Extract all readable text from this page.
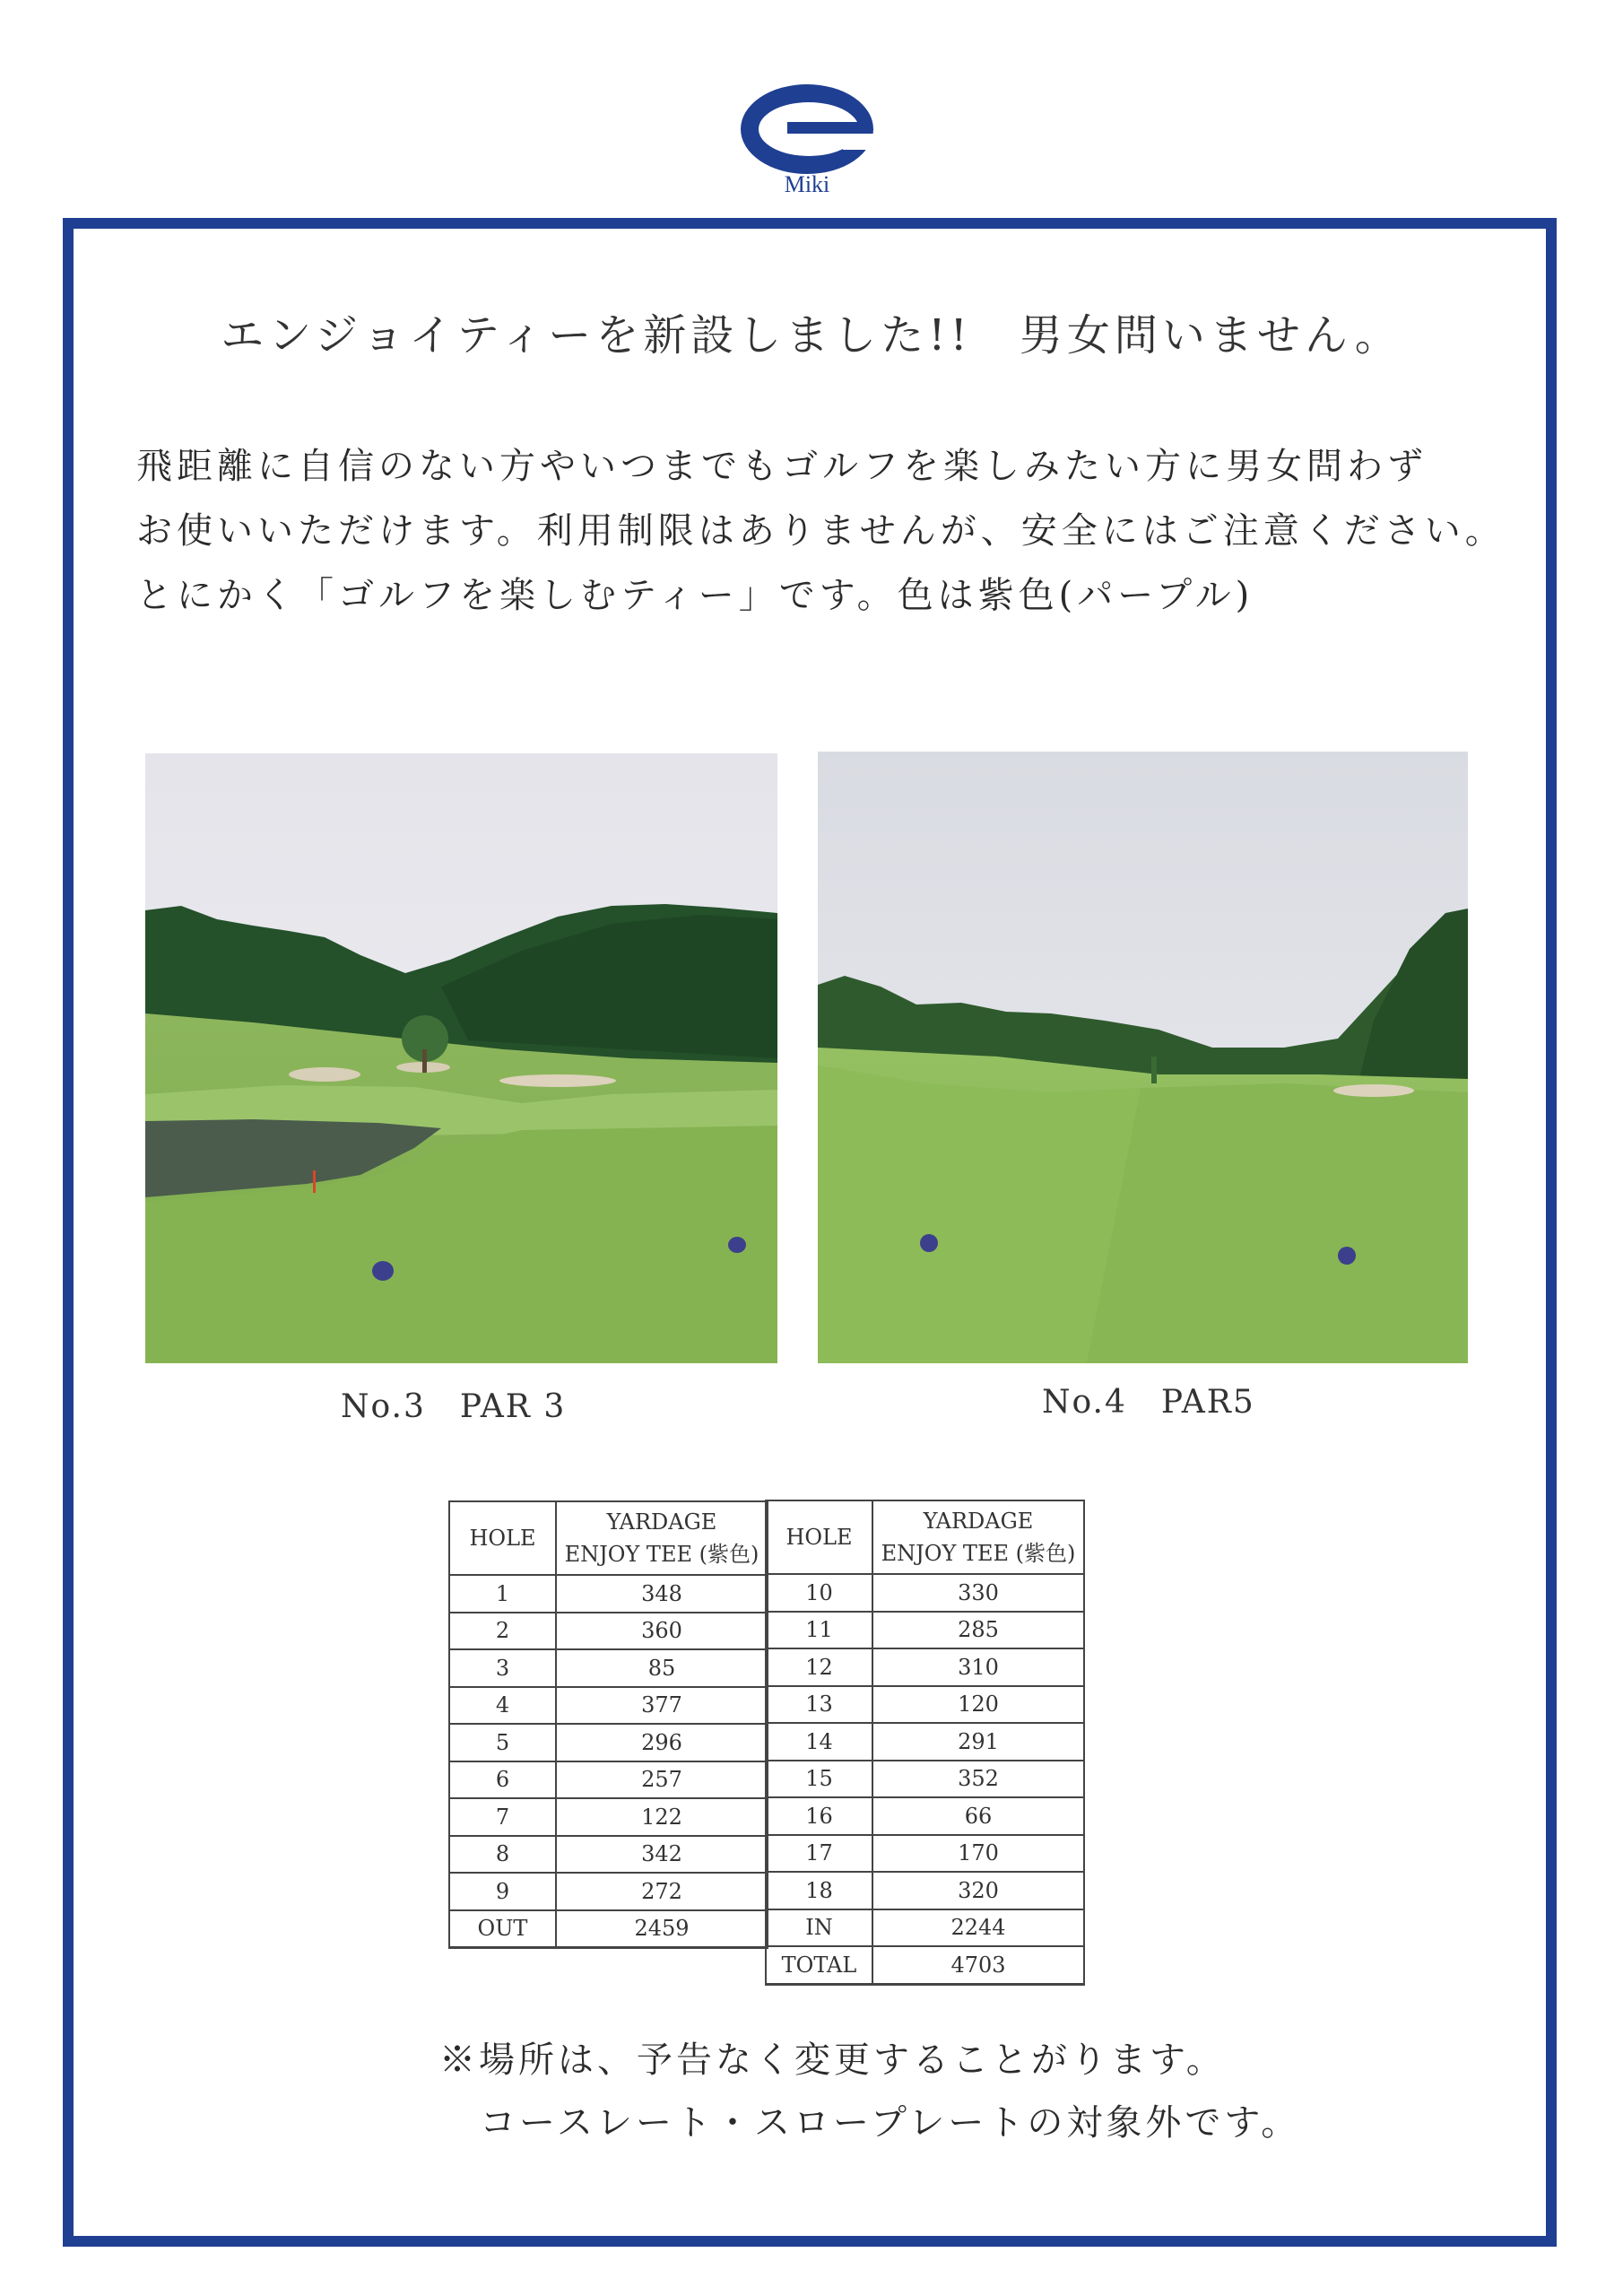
Miki
エンジョイティーを新設しました!!　男女問いません。
飛距離に自信のない方やいつまでもゴルフを楽しみたい方に男女問わず
お使いいただけます。利用制限はありませんが、安全にはご注意ください。
とにかく「ゴルフを楽しむティー」です。色は紫色(パープル)
No.3　PAR 3	No.4　PAR5
HOLE	YARDAGE
ENJOY TEE (紫色)

1	348
2	360
3	85
4	377
5	296
6	257
7	122
8	342
9	272
OUT	2459
HOLE	YARDAGE
ENJOY TEE (紫色)

10	330
11	285
12	310
13	120
14	291
15	352
16	66
17	170
18	320
IN	2244
TOTAL	4703
※場所は、予告なく変更することがります。
コースレート・スロープレートの対象外です。
